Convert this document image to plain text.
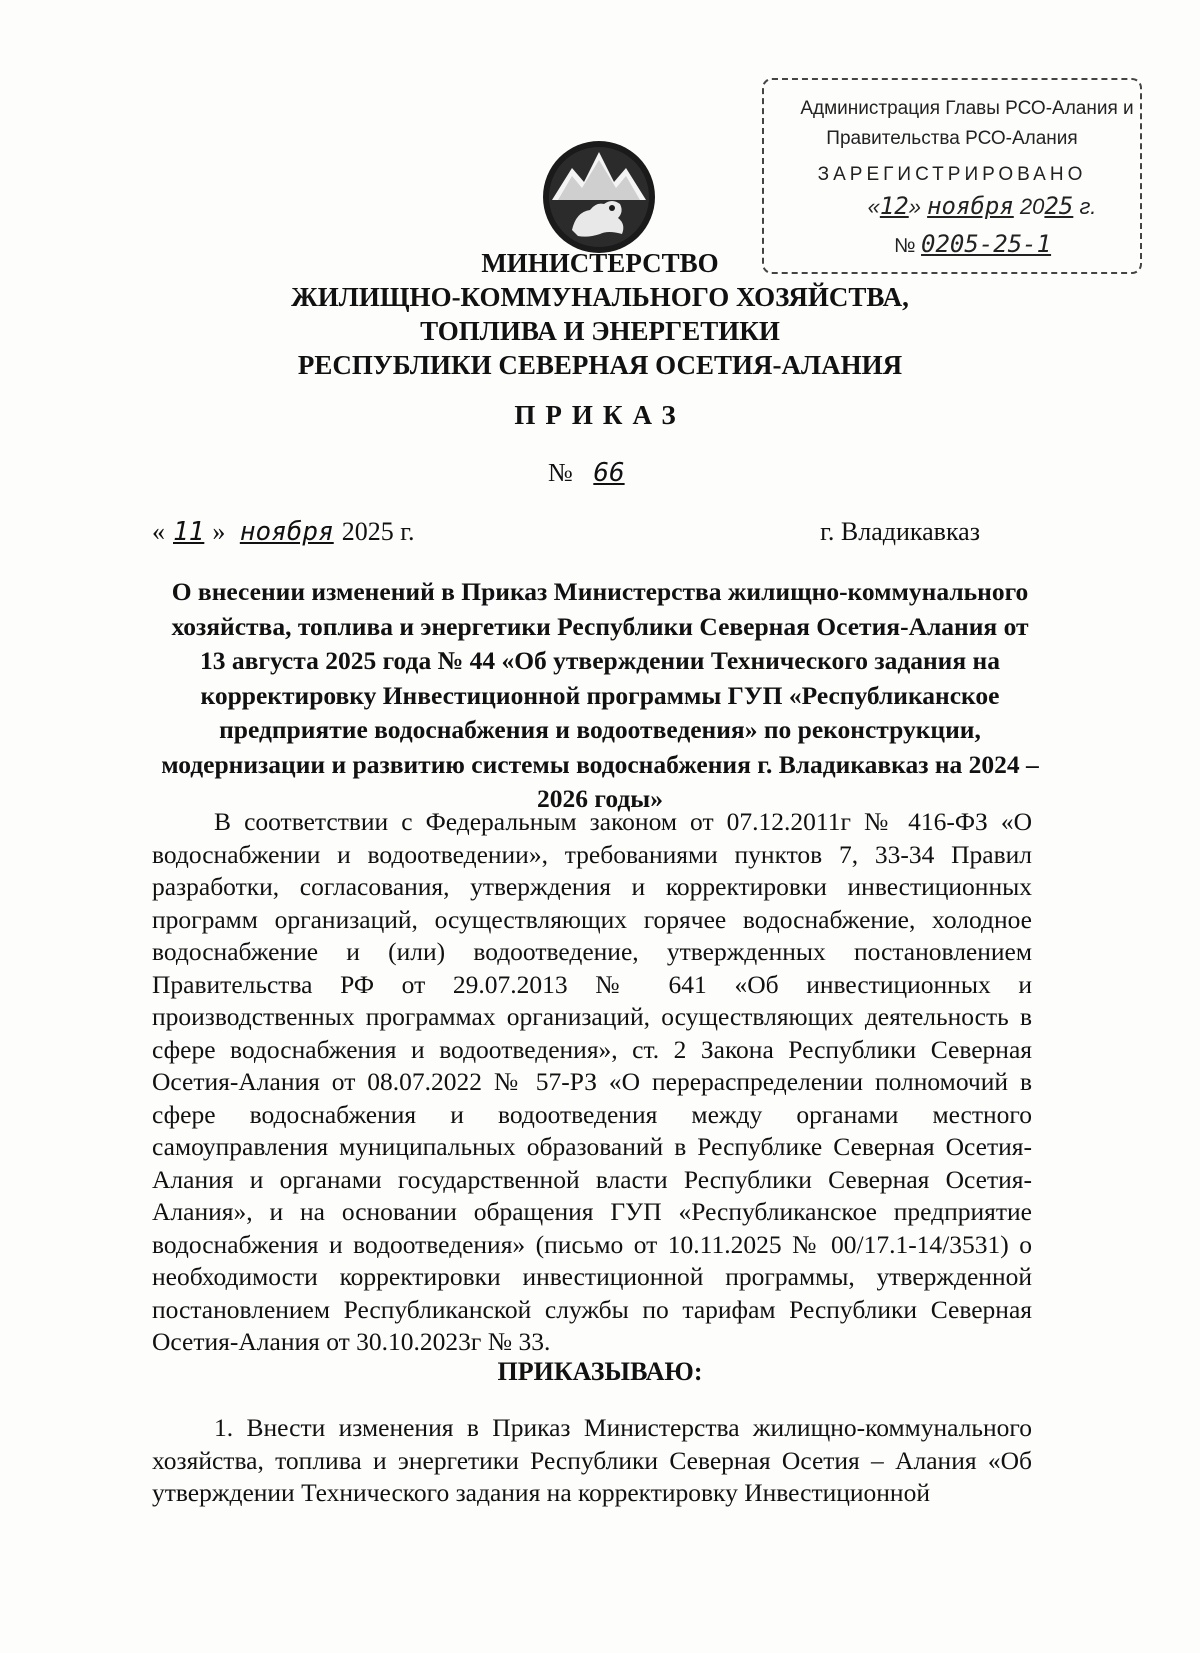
Администрация Главы РСО-Алания и
Правительства РСО-Алания
ЗАРЕГИСТРИРОВАНО
«12» ноября 2025 г.
№ 0205-25-1
МИНИСТЕРСТВО
ЖИЛИЩНО-КОММУНАЛЬНОГО ХОЗЯЙСТВА,
ТОПЛИВА И ЭНЕРГЕТИКИ
РЕСПУБЛИКИ СЕВЕРНАЯ ОСЕТИЯ-АЛАНИЯ
ПРИКАЗ
№ 66
« 11 » ноября 2025 г.	г. Владикавказ
О внесении изменений в Приказ Министерства жилищно-коммунального хозяйства, топлива и энергетики Республики Северная Осетия-Алания от 13 августа 2025 года № 44 «Об утверждении Технического задания на корректировку Инвестиционной программы ГУП «Республиканское предприятие водоснабжения и водоотведения» по реконструкции, модернизации и развитию системы водоснабжения г. Владикавказ на 2024 – 2026 годы»

В соответствии с Федеральным законом от 07.12.2011г № 416-ФЗ «О водоснабжении и водоотведении», требованиями пунктов 7, 33-34 Правил разработки, согласования, утверждения и корректировки инвестиционных программ организаций, осуществляющих горячее водоснабжение, холодное водоснабжение и (или) водоотведение, утвержденных постановлением Правительства РФ от 29.07.2013 № 641 «Об инвестиционных и производственных программах организаций, осуществляющих деятельность в сфере водоснабжения и водоотведения», ст. 2 Закона Республики Северная Осетия-Алания от 08.07.2022 № 57-РЗ «О перераспределении полномочий в сфере водоснабжения и водоотведения между органами местного самоуправления муниципальных образований в Республике Северная Осетия-Алания и органами государственной власти Республики Северная Осетия-Алания», и на основании обращения ГУП «Республиканское предприятие водоснабжения и водоотведения» (письмо от 10.11.2025 № 00/17.1-14/3531) о необходимости корректировки инвестиционной программы, утвержденной постановлением Республиканской службы по тарифам Республики Северная Осетия-Алания от 30.10.2023г № 33.

ПРИКАЗЫВАЮ:

1. Внести изменения в Приказ Министерства жилищно-коммунального хозяйства, топлива и энергетики Республики Северная Осетия – Алания «Об утверждении Технического задания на корректировку Инвестиционной
